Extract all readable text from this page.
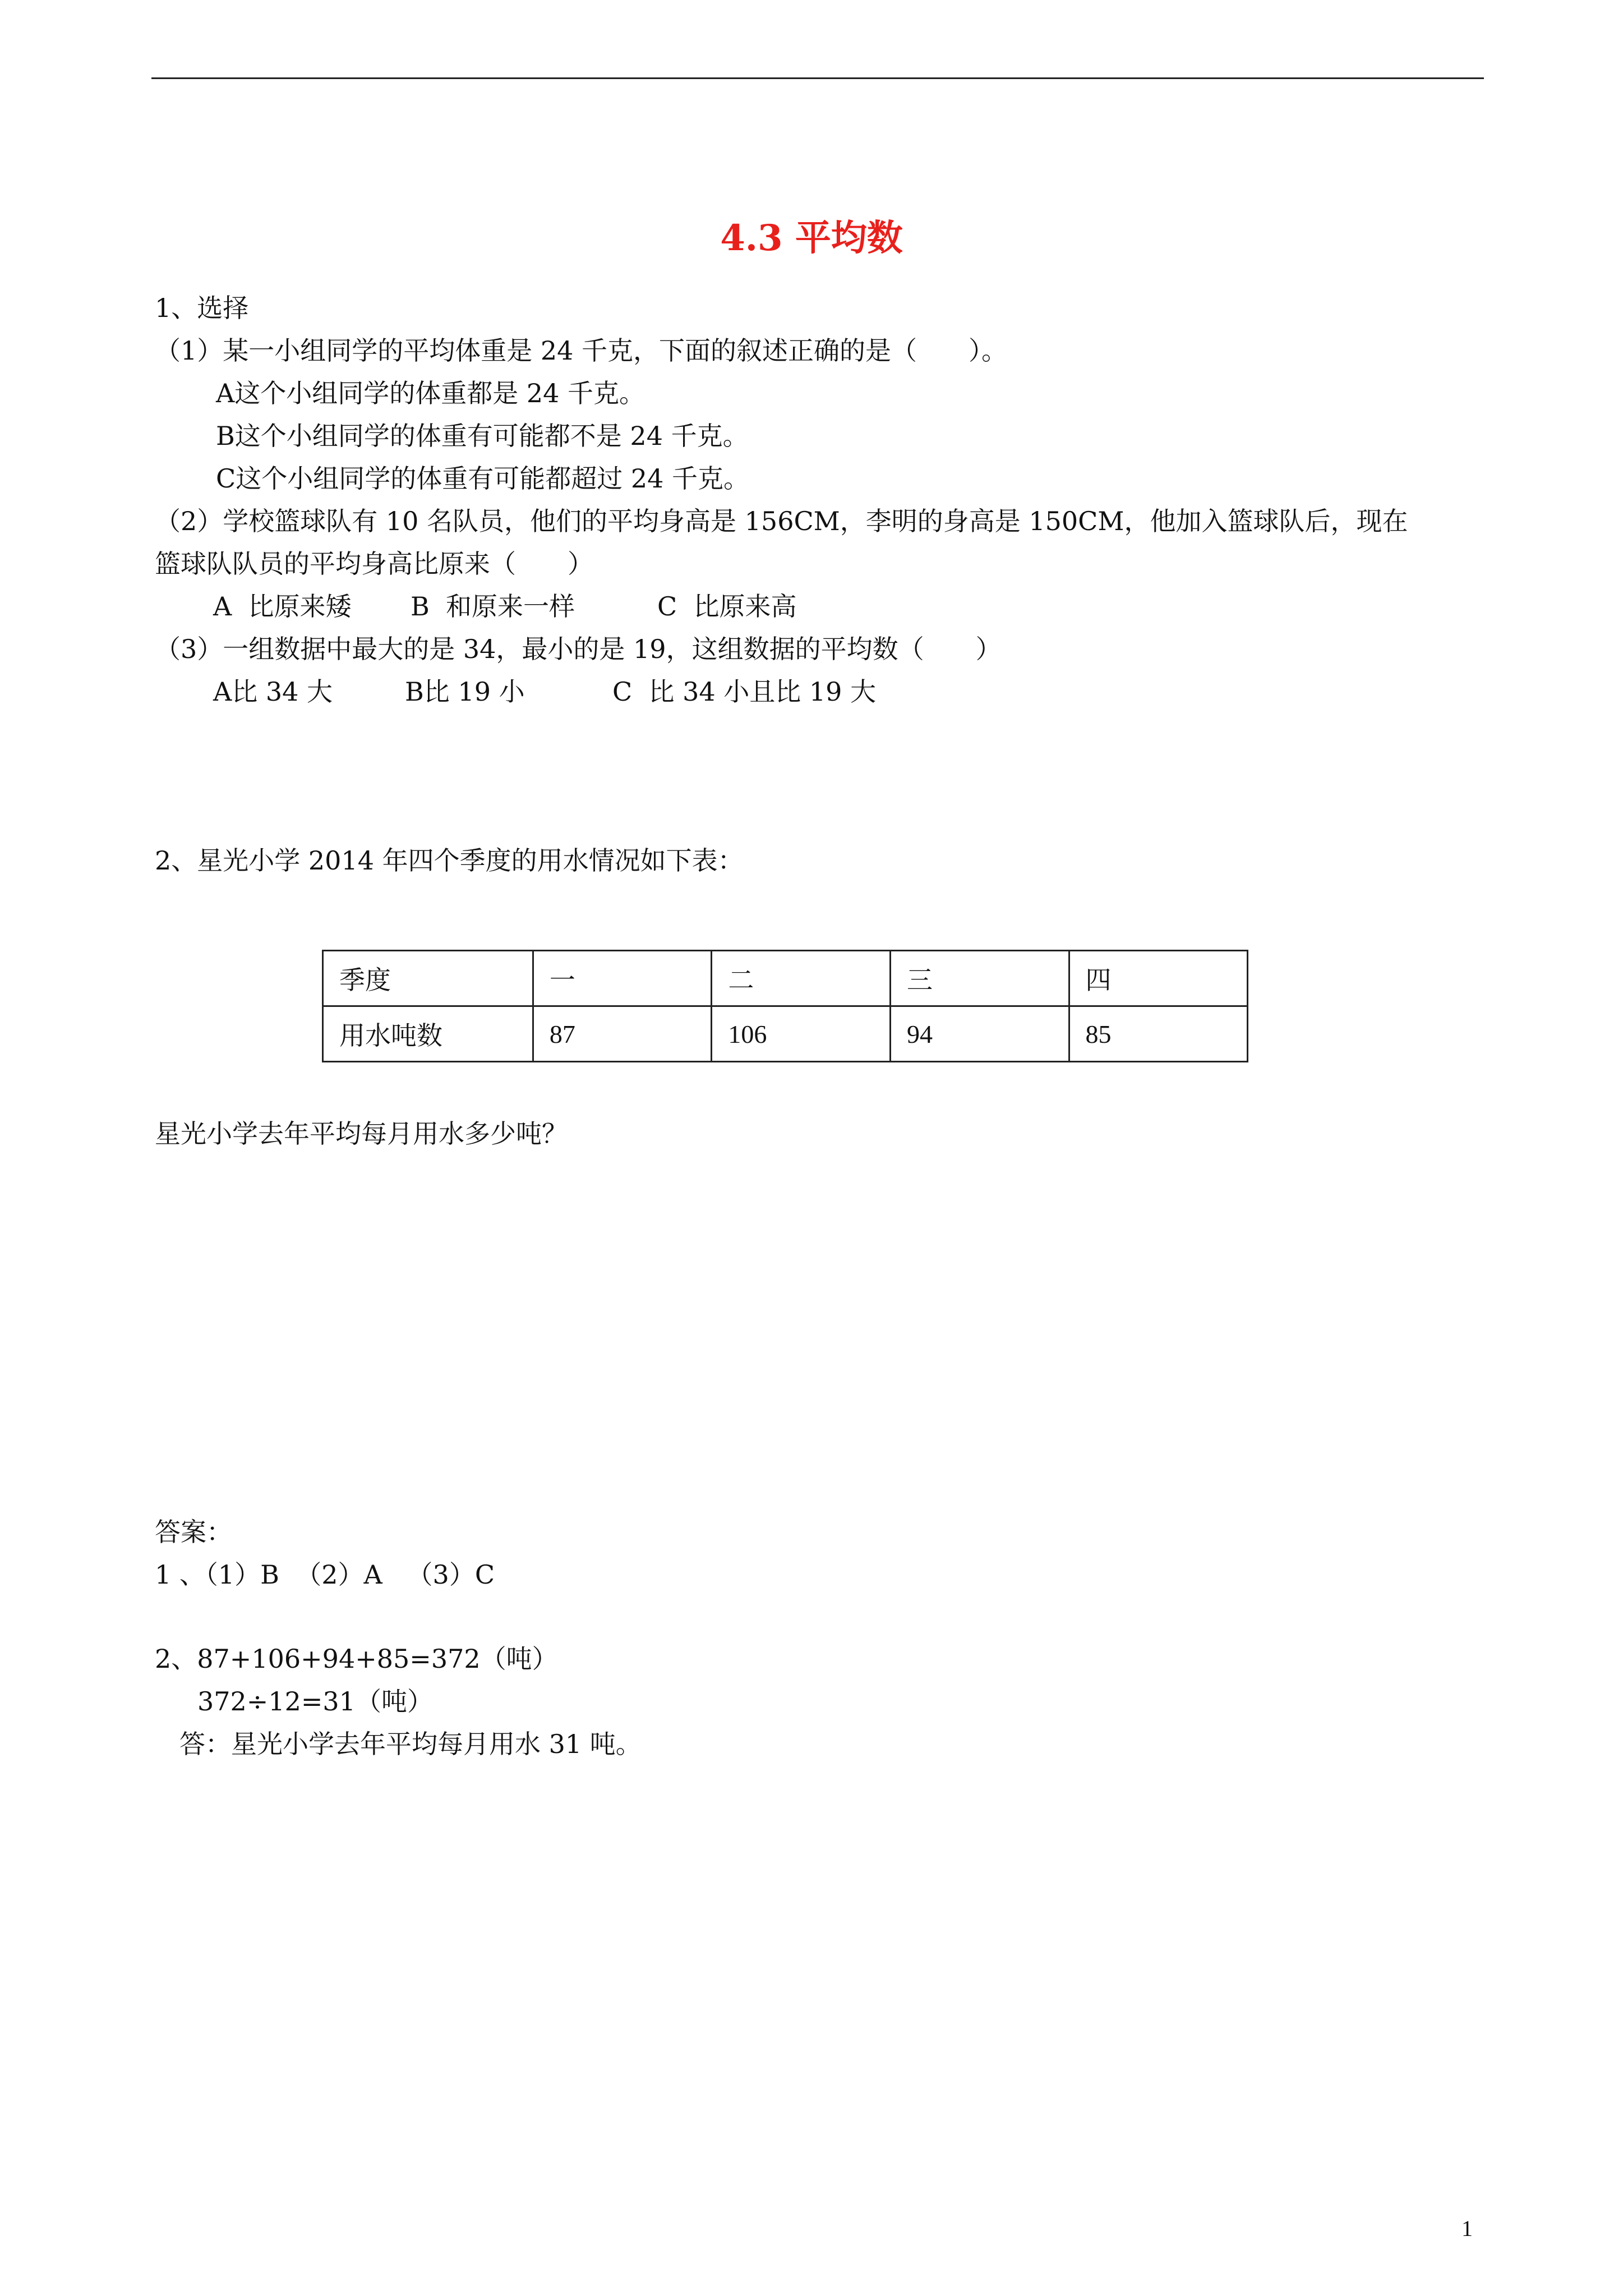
4.3 平均数

1、选择

（1）某一小组同学的平均体重是 24 千克，下面的叙述正确的是（　　）。

A这个小组同学的体重都是 24 千克。

B这个小组同学的体重有可能都不是 24 千克。

C这个小组同学的体重有可能都超过 24 千克。

（2）学校篮球队有 10 名队员，他们的平均身高是 156CM，李明的身高是 150CM，他加入篮球队后，现在

篮球队队员的平均身高比原来（　　）

A  比原来矮 B  和原来一样	C  比原来高

（3）一组数据中最大的是 34，最小的是 19，这组数据的平均数（　　）

A比 34 大	B比 19 小	C  比 34 小且比 19 大

2、星光小学 2014 年四个季度的用水情况如下表：

季度	一	二	三	四
用水吨数	87	106	94	85

星光小学去年平均每月用水多少吨？

答案：

1 、（1）B  （2）A   （3）C

2、87+106+94+85=372（吨）

372÷12=31（吨）

答：星光小学去年平均每月用水 31 吨。

1
